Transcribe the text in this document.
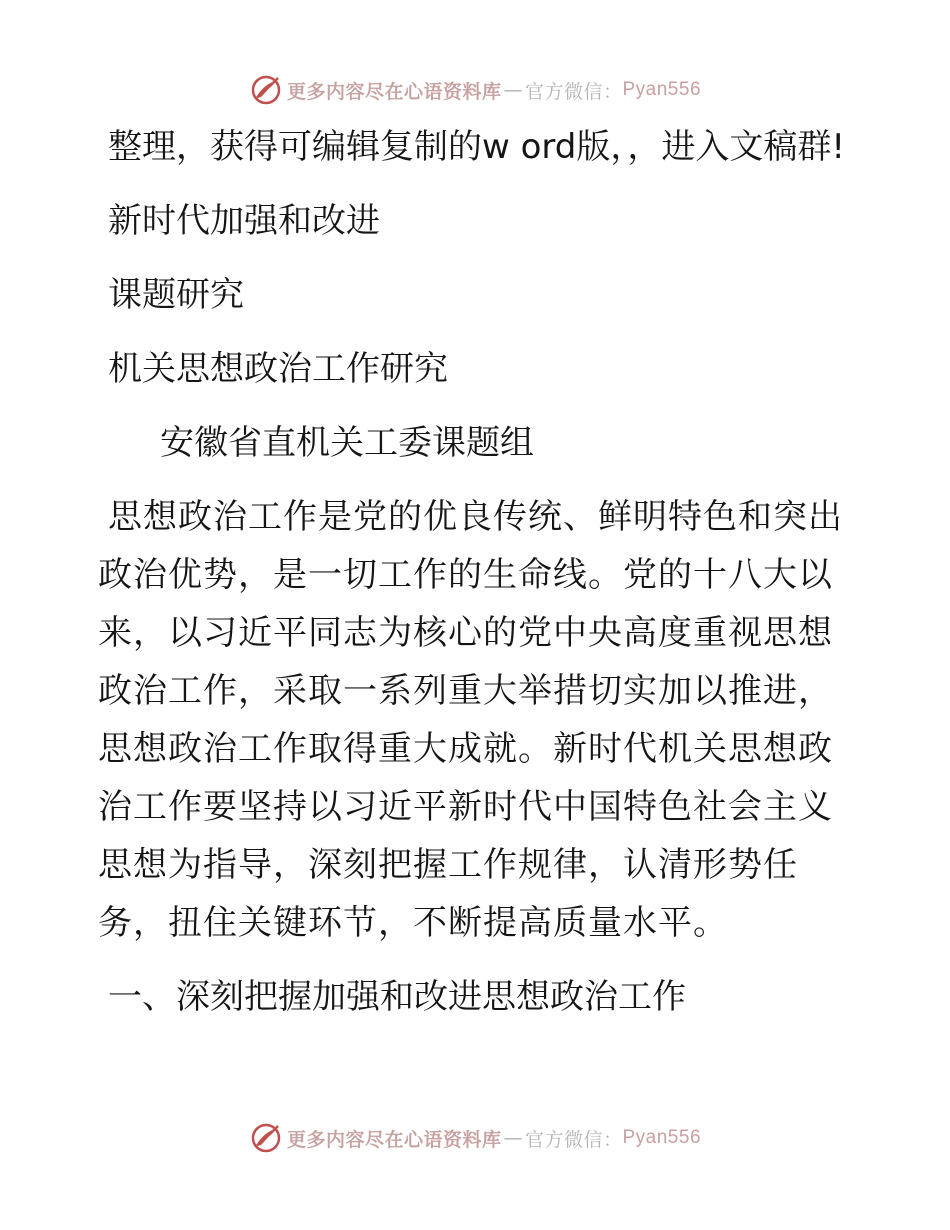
更多内容尽在心语资料库 — 官方微信： Pyan556

整理，获得可编辑复制的w ord版，，进入文稿群!

新时代加强和改进

课题研究

机关思想政治工作研究

安徽省直机关工委课题组

思想政治工作是党的优良传统、鲜明特色和突出政治优势，是一切工作的生命线。党的十八大以来，以习近平同志为核心的党中央高度重视思想政治工作，采取一系列重大举措切实加以推进，思想政治工作取得重大成就。新时代机关思想政治工作要坚持以习近平新时代中国特色社会主义思想为指导，深刻把握工作规律，认清形势任务，扭住关键环节，不断提高质量水平。

一、深刻把握加强和改进思想政治工作

更多内容尽在心语资料库 — 官方微信： Pyan556
